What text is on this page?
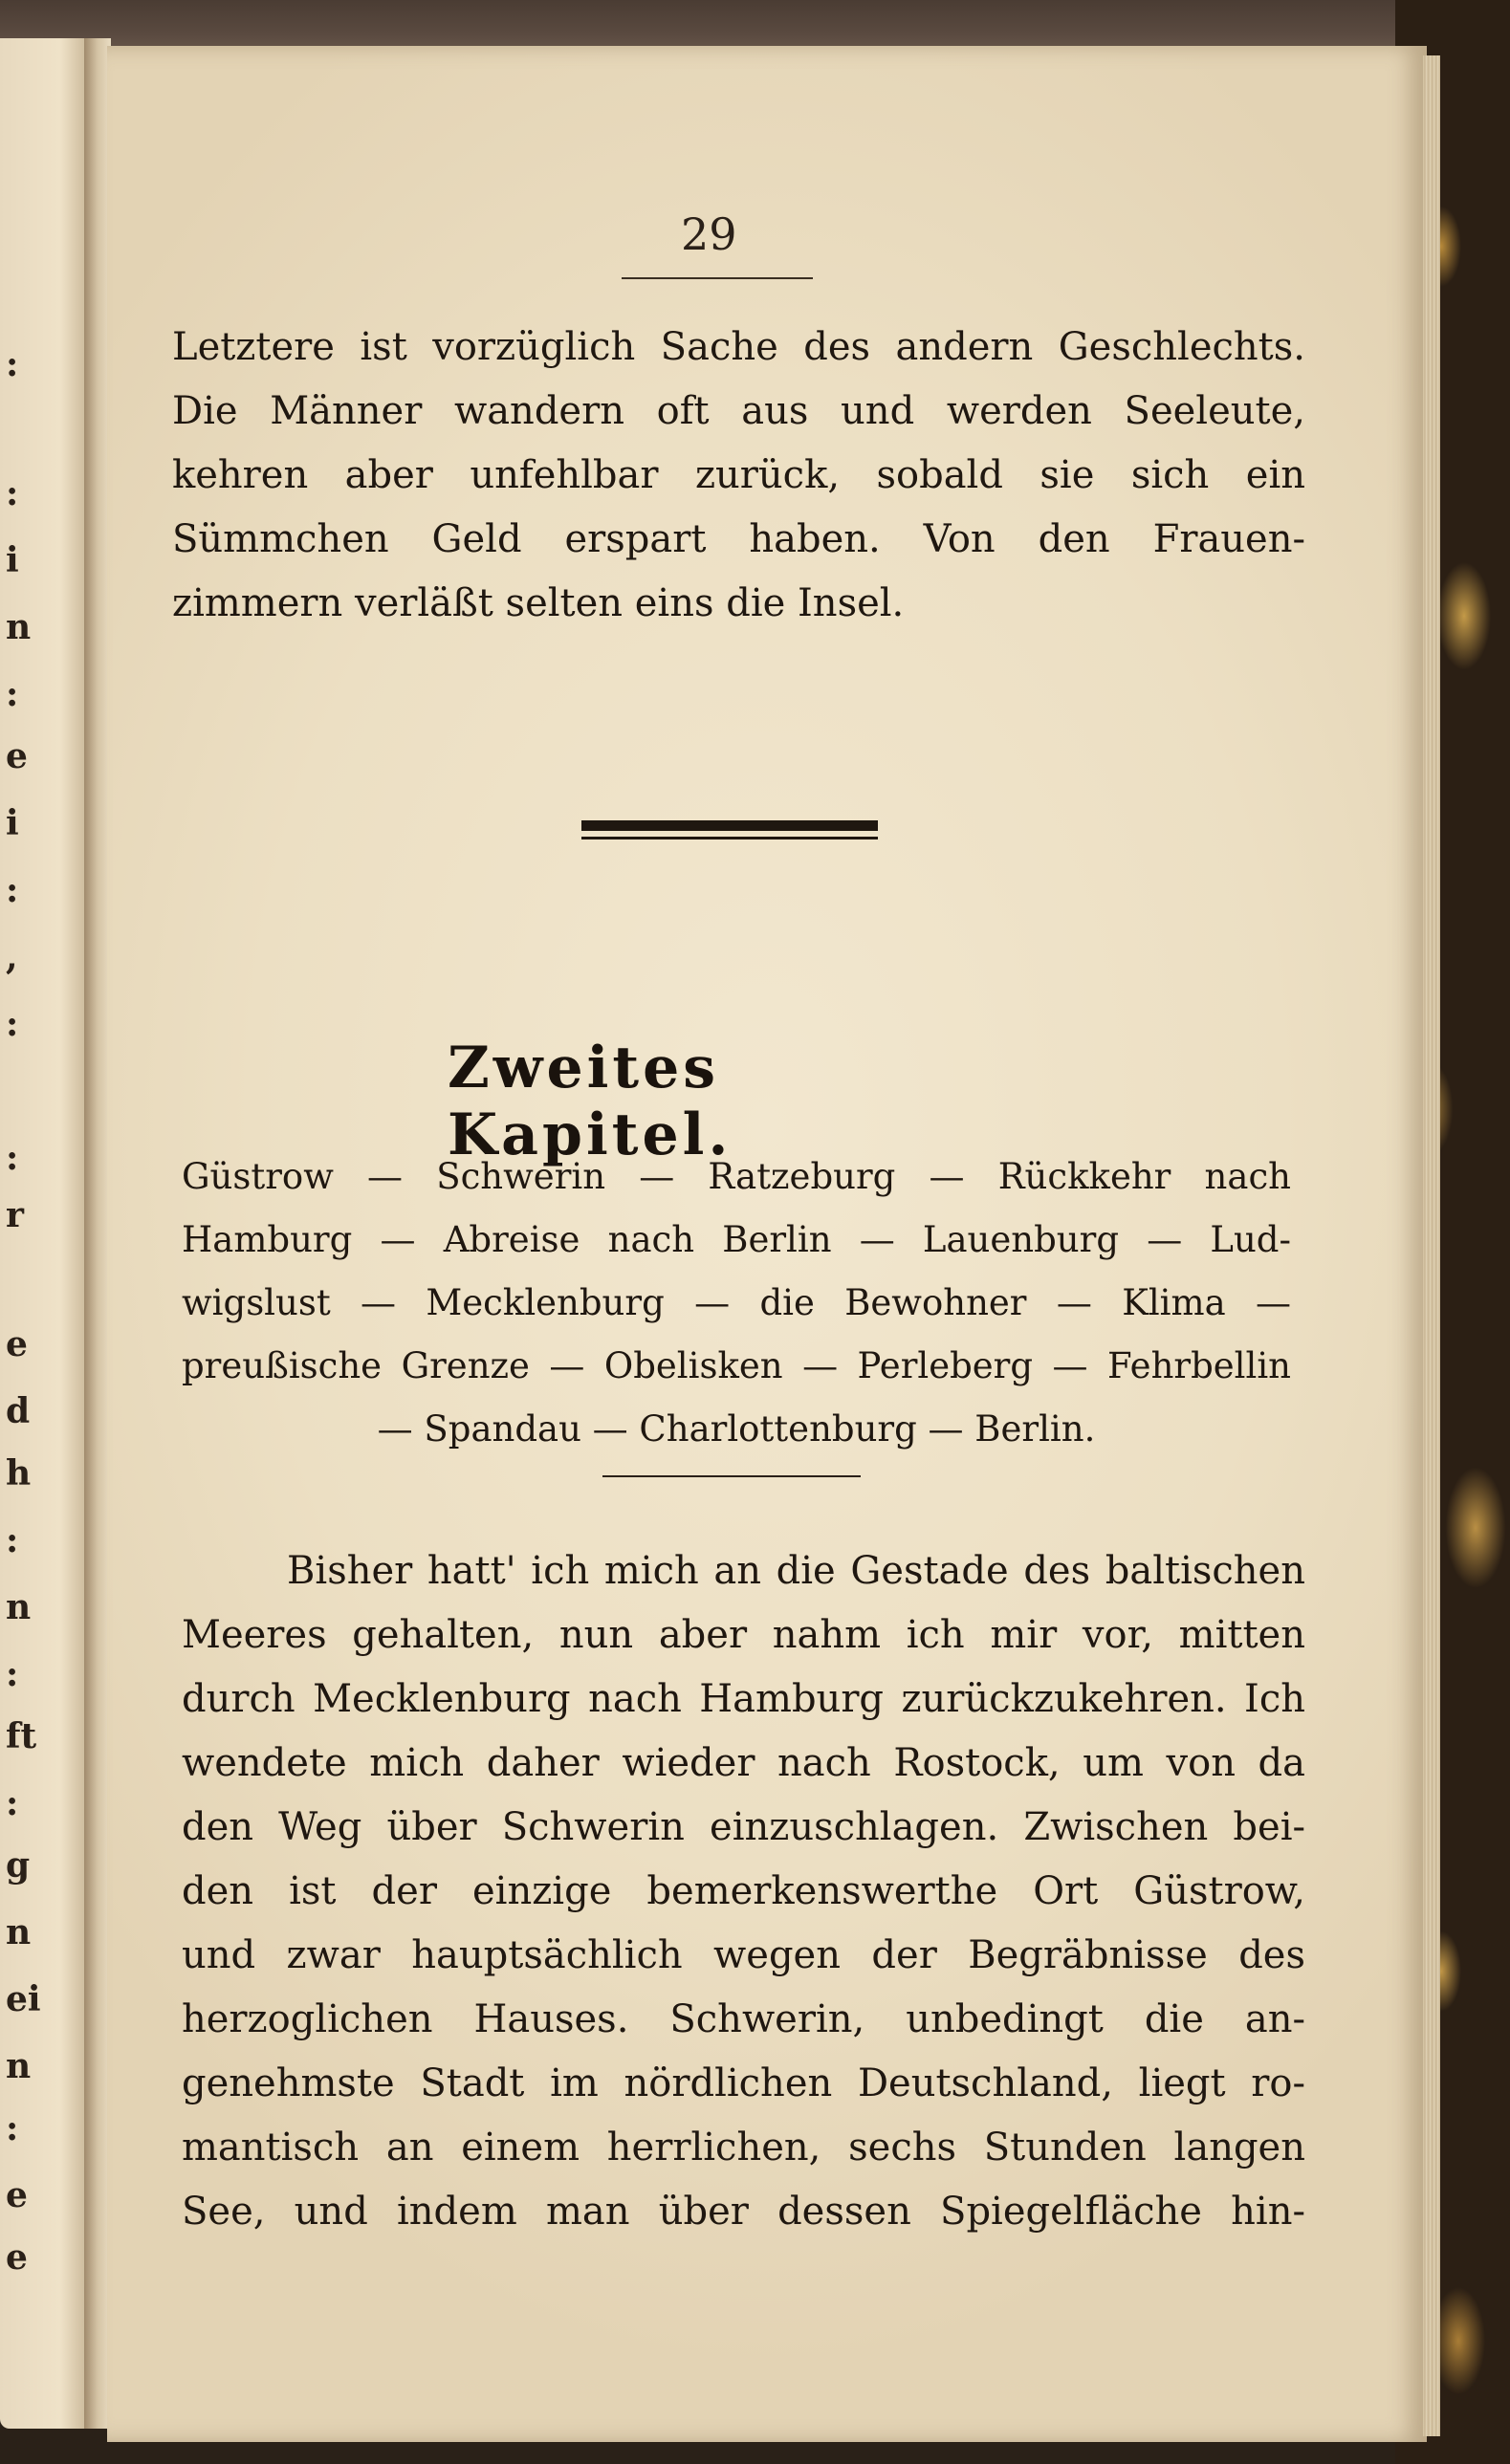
:
:
i
n
:
e
i
:
,
:
:
r
e
d
h
:
n
:
ft
:
g
n
ei
n
:
e
e
29
Letztere ist vorzüglich Sache des andern Geschlechts.
Die Männer wandern oft aus und werden Seeleute,
kehren aber unfehlbar zurück, sobald sie sich ein
Sümmchen Geld erspart haben. Von den Frauen-
zimmern verläßt selten eins die Insel.
Zweites Kapitel.
Güstrow — Schwerin — Ratzeburg — Rückkehr nach
Hamburg — Abreise nach Berlin — Lauenburg — Lud-
wigslust — Mecklenburg — die Bewohner — Klima —
preußische Grenze — Obelisken — Perleberg — Fehrbellin
— Spandau — Charlottenburg — Berlin.
Bisher hatt' ich mich an die Gestade des baltischen
Meeres gehalten, nun aber nahm ich mir vor, mitten
durch Mecklenburg nach Hamburg zurückzukehren. Ich
wendete mich daher wieder nach Rostock, um von da
den Weg über Schwerin einzuschlagen. Zwischen bei-
den ist der einzige bemerkenswerthe Ort Güstrow,
und zwar hauptsächlich wegen der Begräbnisse des
herzoglichen Hauses. Schwerin, unbedingt die an-
genehmste Stadt im nördlichen Deutschland, liegt ro-
mantisch an einem herrlichen, sechs Stunden langen
See, und indem man über dessen Spiegelfläche hin-
